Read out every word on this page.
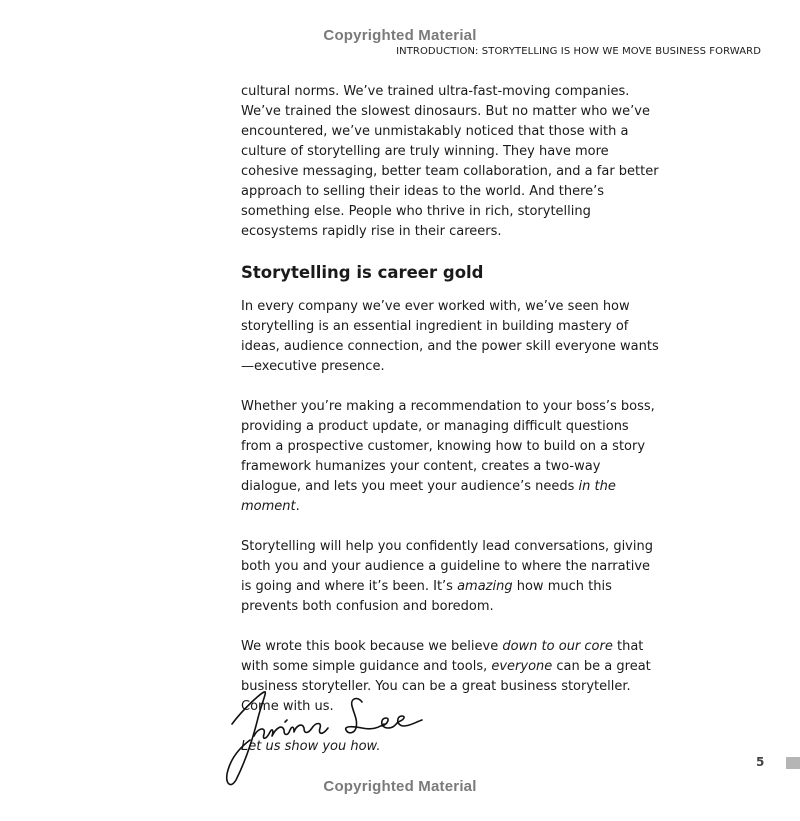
Copyrighted Material
INTRODUCTION: STORYTELLING IS HOW WE MOVE BUSINESS FORWARD

cultural norms. We’ve trained ultra-fast-moving companies. We’ve trained the slowest dinosaurs. But no matter who we’ve encountered, we’ve unmistakably noticed that those with a culture of storytelling are truly winning. They have more cohesive messaging, better team collaboration, and a far better approach to selling their ideas to the world. And there’s something else. People who thrive in rich, storytelling ecosystems rapidly rise in their careers.

Storytelling is career gold

In every company we’ve ever worked with, we’ve seen how storytelling is an essential ingredient in building mastery of ideas, audience connection, and the power skill everyone wants—executive presence.

Whether you’re making a recommendation to your boss’s boss, providing a product update, or managing difficult questions from a prospective customer, knowing how to build on a story framework humanizes your content, creates a two-way dialogue, and lets you meet your audience’s needs in the moment.

Storytelling will help you confidently lead conversations, giving both you and your audience a guideline to where the narrative is going and where it’s been. It’s amazing how much this prevents both confusion and boredom.

We wrote this book because we believe down to our core that with some simple guidance and tools, everyone can be a great business storyteller. You can be a great business storyteller. Come with us.

Let us show you how.

5
Copyrighted Material
